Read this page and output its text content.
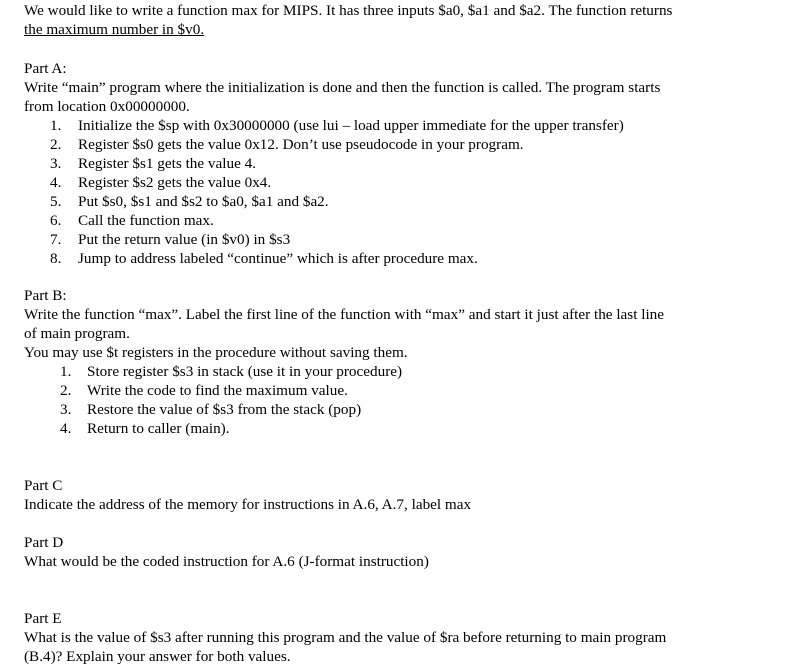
We would like to write a function max for MIPS. It has three inputs $a0, $a1 and $a2. The function returns

the maximum number in $v0.

Part A:

Write “main” program where the initialization is done and then the function is called. The program starts

from location 0x00000000.

1. Initialize the $sp with 0x30000000 (use lui – load upper immediate for the upper transfer)
2. Register $s0 gets the value 0x12. Don’t use pseudocode in your program.
3. Register $s1 gets the value 4.
4. Register $s2 gets the value 0x4.
5. Put $s0, $s1 and $s2 to $a0, $a1 and $a2.
6. Call the function max.
7. Put the return value (in $v0) in $s3
8. Jump to address labeled “continue” which is after procedure max.

Part B:

Write the function “max”. Label the first line of the function with “max” and start it just after the last line

of main program.

You may use $t registers in the procedure without saving them.

1. Store register $s3 in stack (use it in your procedure)
2. Write the code to find the maximum value.
3. Restore the value of $s3 from the stack (pop)
4. Return to caller (main).

Part C

Indicate the address of the memory for instructions in A.6, A.7, label max

Part D

What would be the coded instruction for A.6 (J-format instruction)

Part E

What is the value of $s3 after running this program and the value of $ra before returning to main program

(B.4)? Explain your answer for both values.
